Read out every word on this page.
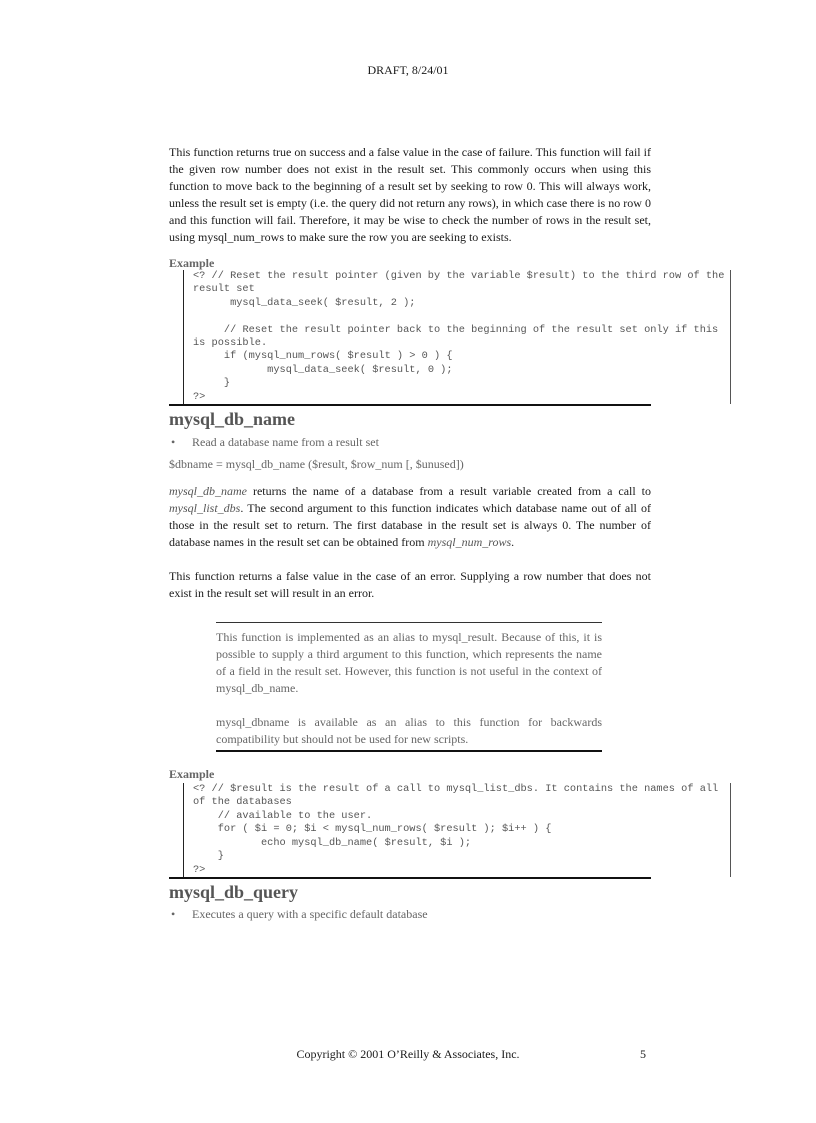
DRAFT, 8/24/01

This function returns true on success and a false value in the case of failure. This function will fail if the given row number does not exist in the result set. This commonly occurs when using this function to move back to the beginning of a result set by seeking to row 0. This will always work, unless the result set is empty (i.e. the query did not return any rows), in which case there is no row 0 and this function will fail. Therefore, it may be wise to check the number of rows in the result set, using mysql_num_rows to make sure the row you are seeking to exists.

Example
<? // Reset the result pointer (given by the variable $result) to the third row of the result set
mysql_data_seek( $result, 2 );

// Reset the result pointer back to the beginning of the result set only if this is possible.
if (mysql_num_rows( $result ) > 0 ) {
mysql_data_seek( $result, 0 );
}
?>
mysql_db_name
•	Read a database name from a result set
$dbname = mysql_db_name ($result, $row_num [, $unused])

mysql_db_name returns the name of a database from a result variable created from a call to mysql_list_dbs. The second argument to this function indicates which database name out of all of those in the result set to return. The first database in the result set is always 0. The number of database names in the result set can be obtained from mysql_num_rows.

This function returns a false value in the case of an error. Supplying a row number that does not exist in the result set will result in an error.

This function is implemented as an alias to mysql_result. Because of this, it is possible to supply a third argument to this function, which represents the name of a field in the result set. However, this function is not useful in the context of mysql_db_name.

mysql_dbname is available as an alias to this function for backwards compatibility but should not be used for new scripts.

Example
<? // $result is the result of a call to mysql_list_dbs. It contains the names of all of the databases
// available to the user.
for ( $i = 0; $i < mysql_num_rows( $result ); $i++ ) {
echo mysql_db_name( $result, $i );
}
?>
mysql_db_query
•	Executes a query with a specific default database
Copyright © 2001 O’Reilly & Associates, Inc.	5
